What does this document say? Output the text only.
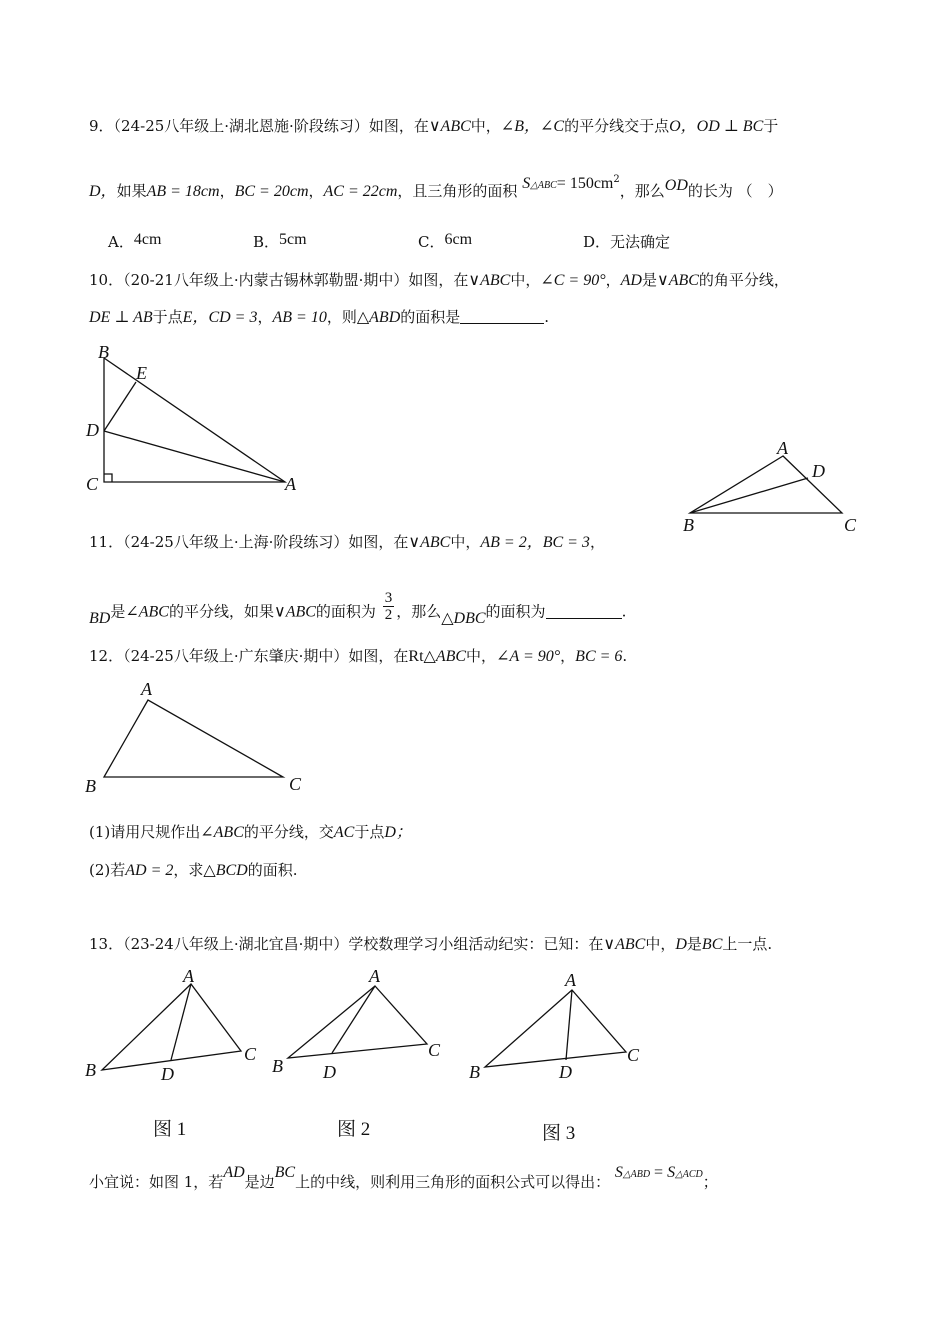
9．（24-25八年级上·湖北恩施·阶段练习）如图，在∨ABC中，∠B，∠C的平分线交于点O，OD ⊥ BC于
D，如果AB = 18cm，BC = 20cm，AC = 22cm，且三角形的面积 S△ABC= $150cm^2$，那么OD的长为 （　）
A．4cm	B．5cm	C．6cm	D．无法确定
10．（20-21八年级上·内蒙古锡林郭勒盟·期中）如图，在∨ABC中，∠C = 90°，AD是∨ABC的角平分线，
DE ⊥ AB于点E，CD = 3，AB = 10，则△ABD的面积是	.
B
E
D
C	A
A
D
B	C
11．（24-25八年级上·上海·阶段练习）如图，在∨ABC中，AB = 2，BC = 3，
BD是∠ABC的平分线，如果∨ABC的面积为 $\frac{3}{2}$ ，那么△DBC的面积为	.
12．（24-25八年级上·广东肇庆·期中）如图，在Rt△ABC中，∠A = 90°，BC = 6.
A
B	C
(1)请用尺规作出∠ABC的平分线，交AC于点D；
(2)若AD = 2，求△BCD的面积.
13．（23-24八年级上·湖北宜昌·期中）学校数理学习小组活动纪实：已知：在∨ABC中，D是BC上一点.
A
B	D
C
图 1
A
B D
C
图 2
A
B	D
C
图 3
小宜说：如图 1，若AD是边BC上的中线，则利用三角形的面积公式可以得出： S△ABD = S△ACD；
